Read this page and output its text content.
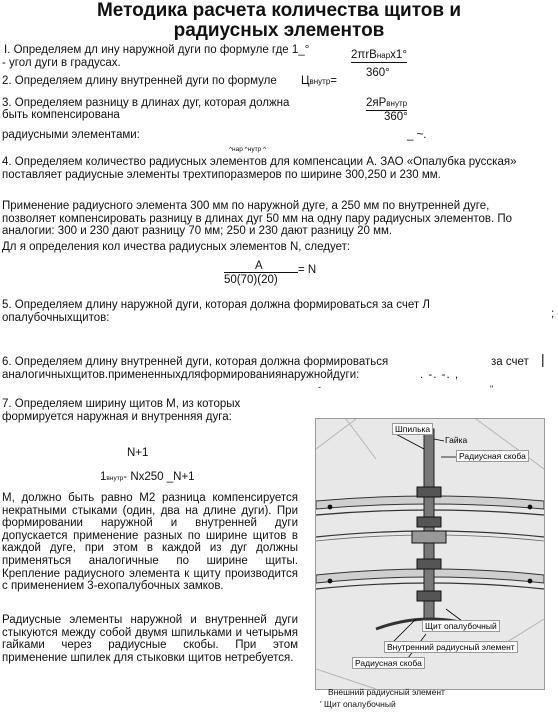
Методика расчета количества щитов и
радиусных элементов
I. Определяем дл ину наружной дуги по формуле где 1_°
- угол дуги в градусах.
2πrВнарх1°
360°
2. Определяем длину внутренней дуги по формуле Цвнутр=
3. Определяем разницу в длинах дуг, которая должна
быть компенсирована
радиусными элементами:
2яРвнутр
360°
^нар ^нутр ^
_ ~.
4. Определяем количество радиусных элементов для компенсации А. ЗАО «Опалубка русская» поставляет радиусные элементы трехтипоразмеров по ширине 300,250 и 230 мм.
Применение радиусного элемента 300 мм по наружной дуге, а 250 мм по внутренней дуге, позволяет компенсировать разницу в длинах дуг 50 мм на одну пару радиусных элементов. По аналогии: 300 и 230 дают разницу 70 мм; 250 и 230 дают разницу 20 мм.
Дл я определения кол ичества радиусных элементов N, следует:
А
50(70)(20)
= N
5. Определяем длину наружной дуги, которая должна формироваться за счет Л
опалубочныхщитов:	;
6. Определяем длину внутренней дуги, которая должна формироваться	за счет |
аналогичныхщитов.примененныхдляформированиянаружнойдуги:	. -. -. ,
"
-
7. Определяем ширину щитов М, из которых
формируется наружная и внутренняя дуга:
N+1
1внутр- Nx250 _N+1
М, должно быть равно М2 разница компенсируется некратными стыками (один, два на длине дуги). При формировании наружной и внутренней дуги допускается применение разных по ширине щитов в каждой дуге, при этом в каждой из дуг должны применяться аналогичные по ширине щиты. Крепление радиусного элемента к щиту производится с применением 3-ехопалубочных замков.
Радиусные элементы наружной и внутренней дуги стыкуются между собой двумя шпильками и четырьмя гайками через радиусные скобы. При этом применение шпилек для стыковки щитов нетребуется.
Шпилька
Гайка
Радиусная скоба
Щит опалубочный
Внутренний радиусный элемент
Радиусная скоба
Внешний радиусный элемент
' Щит опалубочный
